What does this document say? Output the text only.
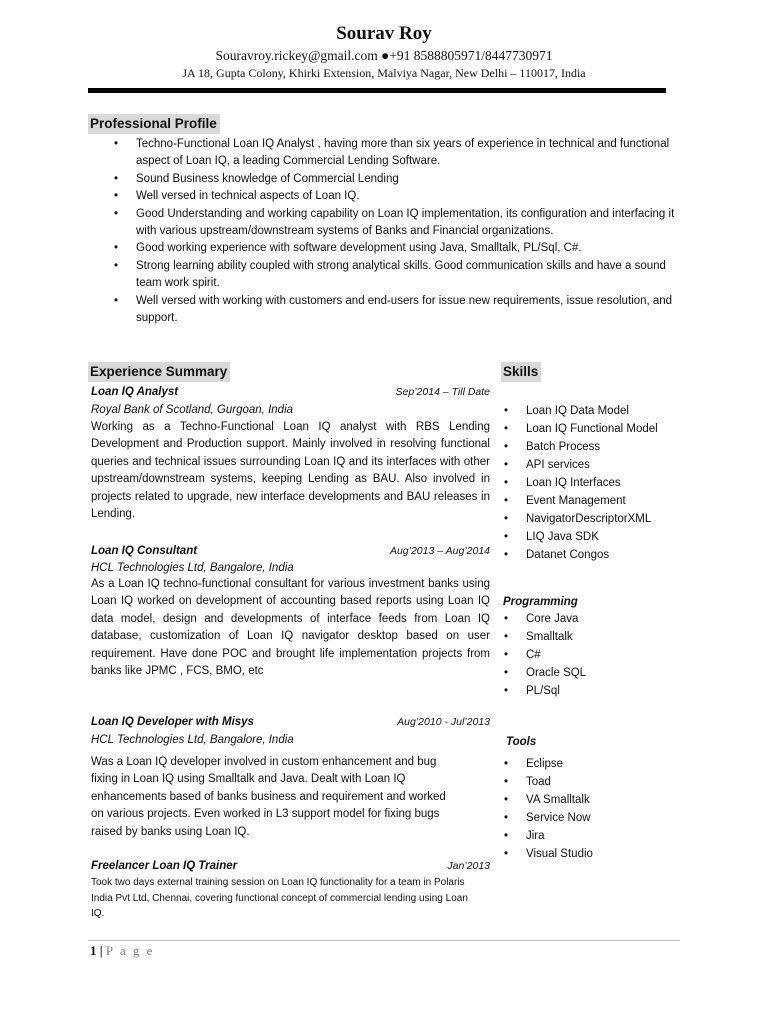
Sourav Roy
Souravroy.rickey@gmail.com ●+91 8588805971/8447730971
JA 18, Gupta Colony, Khirki Extension, Malviya Nagar, New Delhi – 110017, India
Professional Profile
• Techno-Functional Loan IQ Analyst , having more than six years of experience in technical and functional aspect of Loan IQ, a leading Commercial Lending Software.
• Sound Business knowledge of Commercial Lending
• Well versed in technical aspects of Loan IQ.
• Good Understanding and working capability on Loan IQ implementation, its configuration and interfacing it with various upstream/downstream systems of Banks and Financial organizations.
• Good working experience with software development using Java, Smalltalk, PL/Sql, C#.
• Strong learning ability coupled with strong analytical skills. Good communication skills and have a sound team work spirit.
• Well versed with working with customers and end-users for issue new requirements, issue resolution, and support.
Experience Summary
Loan IQ Analyst	Sep’2014 – Till Date
Royal Bank of Scotland, Gurgoan, India
Working as a Techno-Functional Loan IQ analyst with RBS Lending Development and Production support. Mainly involved in resolving functional queries and technical issues surrounding Loan IQ and its interfaces with other upstream/downstream systems, keeping Lending as BAU. Also involved in projects related to upgrade, new interface developments and BAU releases in Lending.
Loan IQ Consultant	Aug’2013 – Aug’2014
HCL Technologies Ltd, Bangalore, India
As a Loan IQ techno-functional consultant for various investment banks using Loan IQ worked on development of accounting based reports using Loan IQ data model, design and developments of interface feeds from Loan IQ database, customization of Loan IQ navigator desktop based on user requirement. Have done POC and brought life implementation projects from banks like JPMC , FCS, BMO, etc
Loan IQ Developer with Misys	Aug’2010 - Jul’2013
HCL Technologies Ltd, Bangalore, India
Was a Loan IQ developer involved in custom enhancement and bug fixing in Loan IQ using Smalltalk and Java. Dealt with Loan IQ enhancements based of banks business and requirement and worked on various projects. Even worked in L3 support model for fixing bugs raised by banks using Loan IQ.
Freelancer Loan IQ Trainer	Jan’2013
Took two days external training session on Loan IQ functionality for a team in Polaris India Pvt Ltd, Chennai, covering functional concept of commercial lending using Loan IQ.
Skills
• Loan IQ Data Model
• Loan IQ Functional Model
• Batch Process
• API services
• Loan IQ Interfaces
• Event Management
• NavigatorDescriptorXML
• LIQ Java SDK
• Datanet Congos
Programming
• Core Java
• Smalltalk
• C#
• Oracle SQL
• PL/Sql
Tools
• Eclipse
• Toad
• VA Smalltalk
• Service Now
• Jira
• Visual Studio
1 | P a g e
